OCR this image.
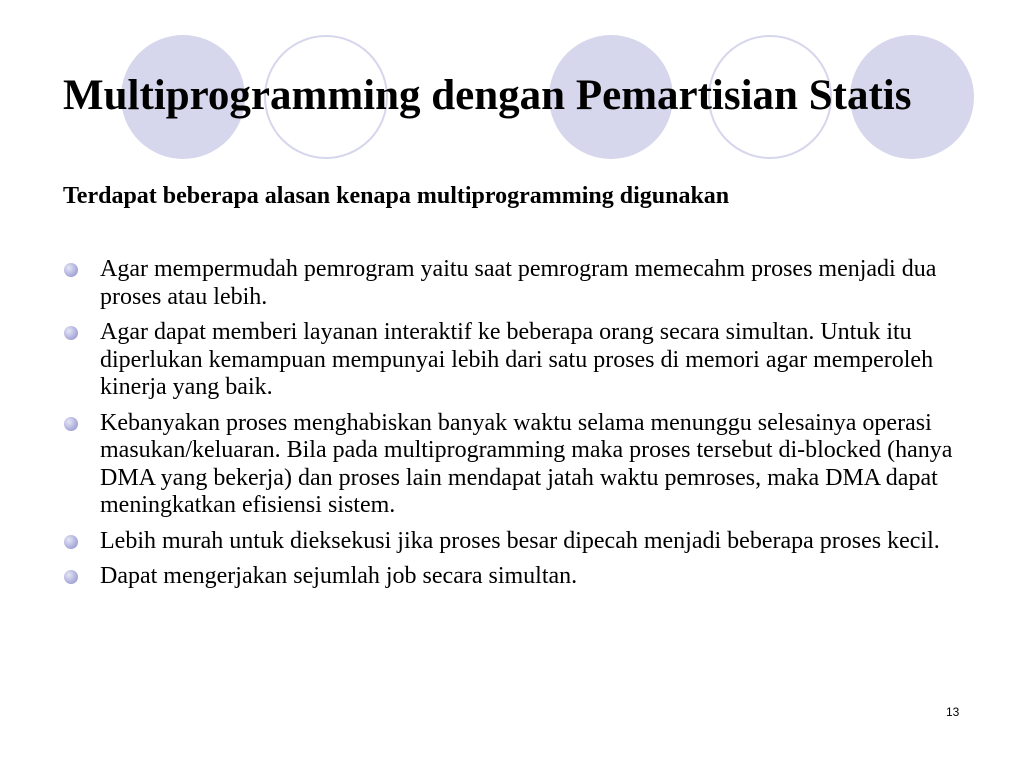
Multiprogramming dengan Pemartisian Statis
Terdapat beberapa alasan kenapa multiprogramming digunakan
Agar mempermudah pemrogram yaitu saat pemrogram memecahm proses menjadi dua proses atau lebih.
Agar dapat memberi layanan interaktif ke beberapa orang secara simultan. Untuk itu diperlukan kemampuan mempunyai lebih dari satu proses di memori agar memperoleh kinerja yang baik.
Kebanyakan proses menghabiskan banyak waktu selama menunggu selesainya operasi masukan/keluaran. Bila pada multiprogramming maka proses tersebut di-blocked (hanya DMA yang bekerja) dan proses lain mendapat jatah waktu pemroses, maka DMA dapat meningkatkan efisiensi sistem.
Lebih murah untuk dieksekusi jika proses besar dipecah menjadi beberapa proses kecil.
Dapat mengerjakan sejumlah job secara simultan.
13
